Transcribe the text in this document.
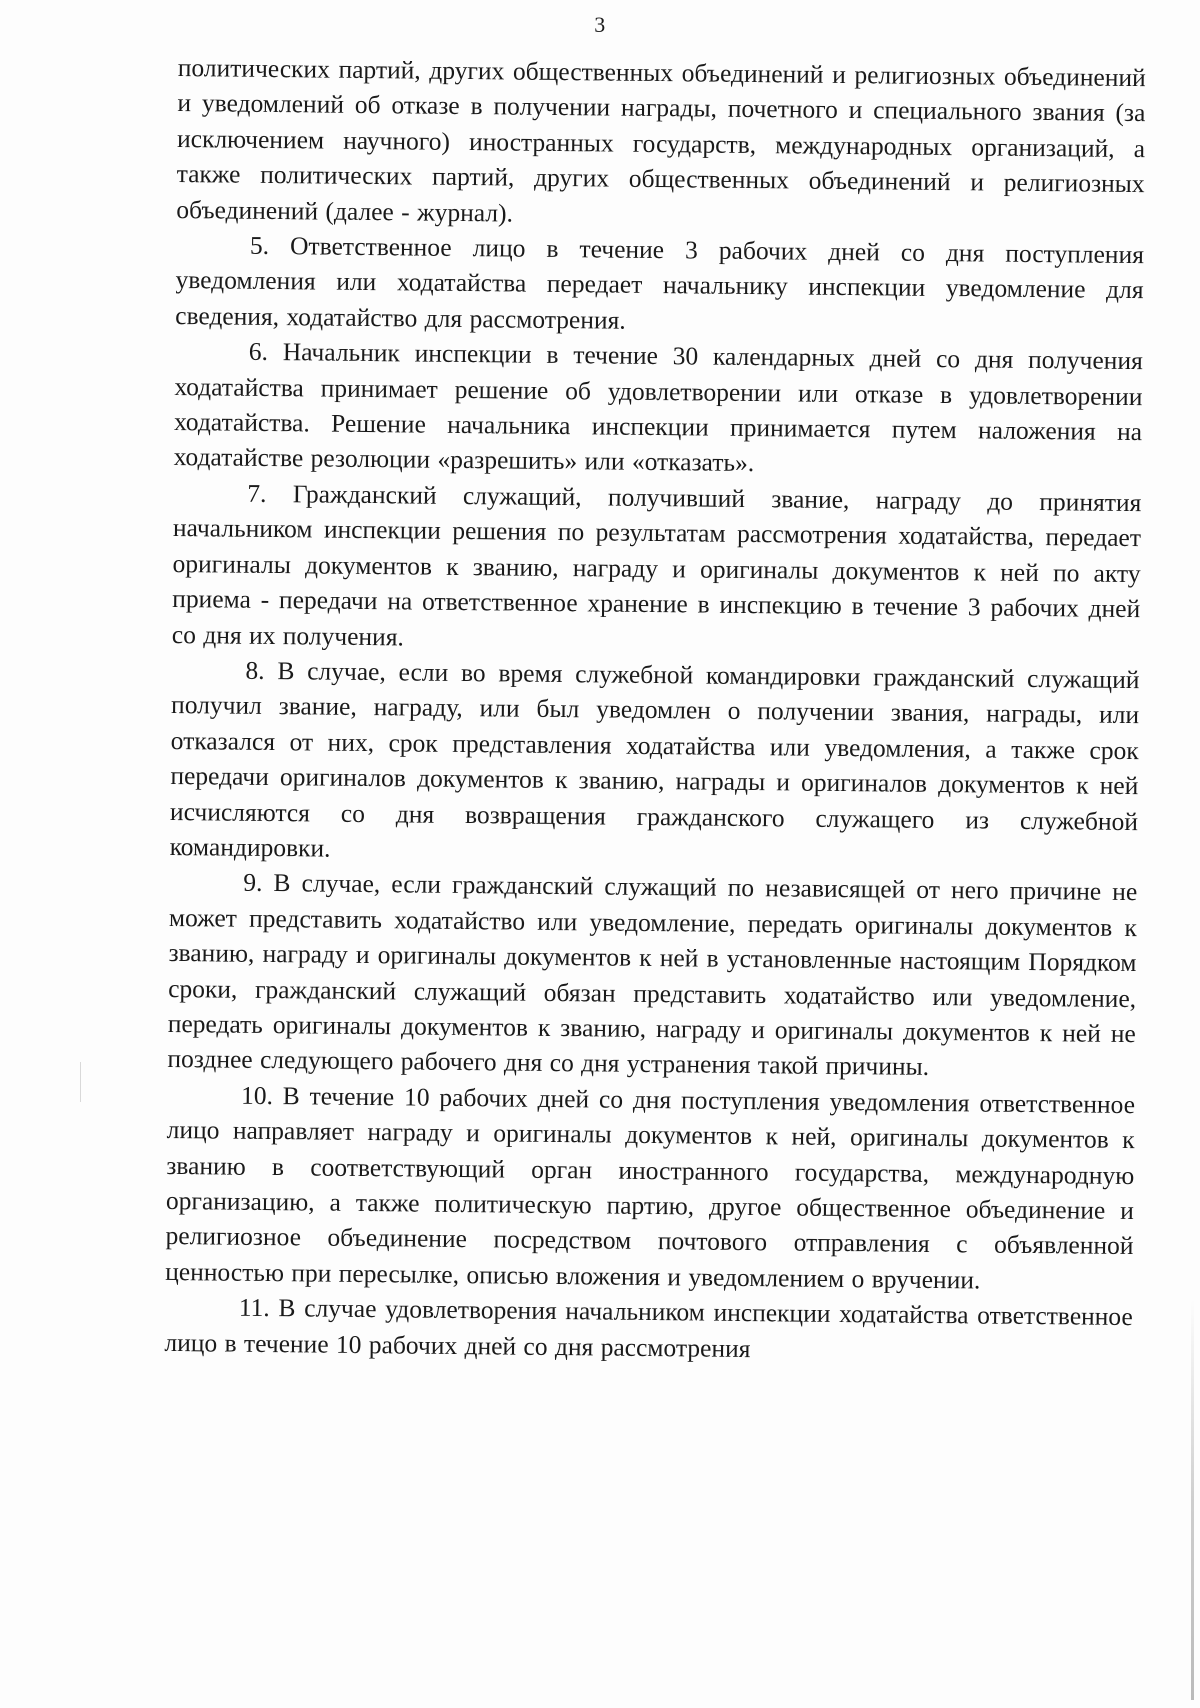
3

политических партий, других общественных объединений и религиозных объединений и уведомлений об отказе в получении награды, почетного и специального звания (за исключением научного) иностранных государств, международных организаций, а также политических партий, других общественных объединений и религиозных объединений (далее - журнал).

5. Ответственное лицо в течение 3 рабочих дней со дня поступления уведомления или ходатайства передает начальнику инспекции уведомление для сведения, ходатайство для рассмотрения.

6. Начальник инспекции в течение 30 календарных дней со дня получения ходатайства принимает решение об удовлетворении или отказе в удовлетворении ходатайства. Решение начальника инспекции принимается путем наложения на ходатайстве резолюции «разрешить» или «отказать».

7. Гражданский служащий, получивший звание, награду до принятия начальником инспекции решения по результатам рассмотрения ходатайства, передает оригиналы документов к званию, награду и оригиналы документов к ней по акту приема - передачи на ответственное хранение в инспекцию в течение 3 рабочих дней со дня их получения.

8. В случае, если во время служебной командировки гражданский служащий получил звание, награду, или был уведомлен о получении звания, награды, или отказался от них, срок представления ходатайства или уведомления, а также срок передачи оригиналов документов к званию, награды и оригиналов документов к ней исчисляются со дня возвращения гражданского служащего из служебной командировки.

9. В случае, если гражданский служащий по независящей от него причине не может представить ходатайство или уведомление, передать оригиналы документов к званию, награду и оригиналы документов к ней в установленные настоящим Порядком сроки, гражданский служащий обязан представить ходатайство или уведомление, передать оригиналы документов к званию, награду и оригиналы документов к ней не позднее следующего рабочего дня со дня устранения такой причины.

10. В течение 10 рабочих дней со дня поступления уведомления ответственное лицо направляет награду и оригиналы документов к ней, оригиналы документов к званию в соответствующий орган иностранного государства, международную организацию, а также политическую партию, другое общественное объединение и религиозное объединение посредством почтового отправления с объявленной ценностью при пересылке, описью вложения и уведомлением о вручении.

11. В случае удовлетворения начальником инспекции ходатайства ответственное лицо в течение 10 рабочих дней со дня рассмотрения
